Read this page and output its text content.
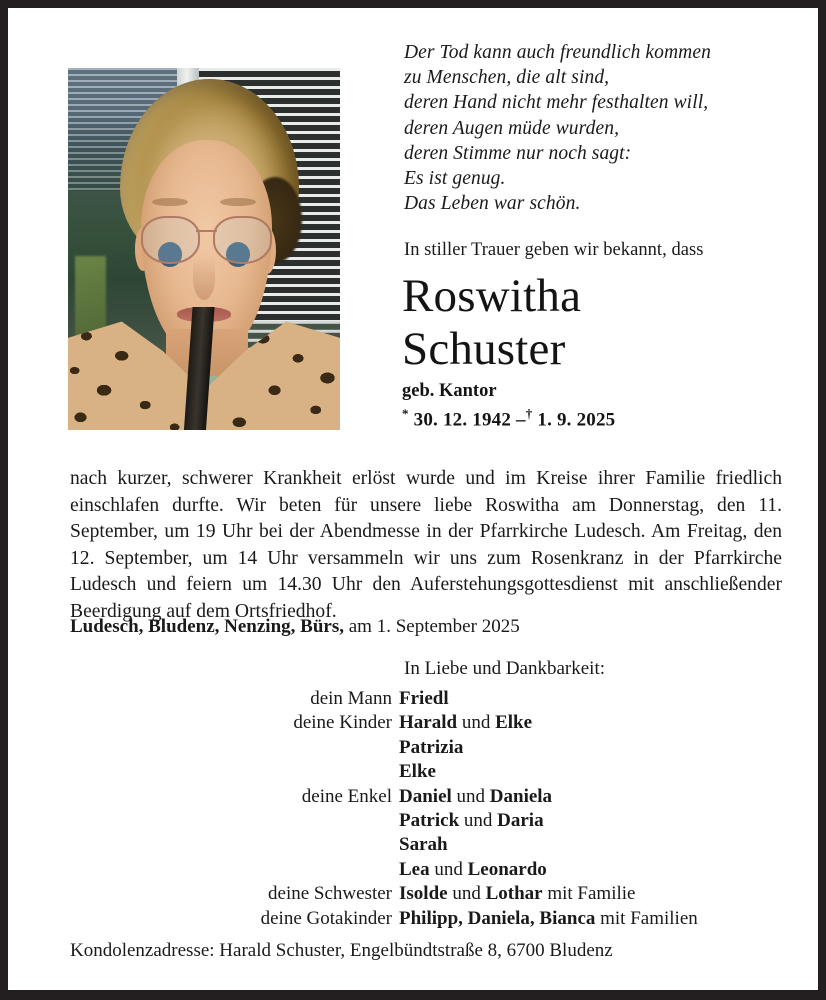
Der Tod kann auch freundlich kommen
zu Menschen, die alt sind,
deren Hand nicht mehr festhalten will,
deren Augen müde wurden,
deren Stimme nur noch sagt:
Es ist genug.
Das Leben war schön.
In stiller Trauer geben wir bekannt, dass
Roswitha
Schuster
geb. Kantor
* 30. 12. 1942 –† 1. 9. 2025
nach kurzer, schwerer Krankheit erlöst wurde und im Kreise ihrer Familie friedlich einschlafen durfte. Wir beten für unsere liebe Roswitha am Donnerstag, den 11. September, um 19 Uhr bei der Abendmesse in der Pfarrkirche Ludesch. Am Freitag, den 12. September, um 14 Uhr versammeln wir uns zum Rosenkranz in der Pfarrkirche Ludesch und feiern um 14.30 Uhr den Auferstehungsgottesdienst mit anschließender Beerdigung auf dem Ortsfriedhof.
Ludesch, Bludenz, Nenzing, Bürs, am 1. September 2025
In Liebe und Dankbarkeit:
dein Mann Friedl
deine Kinder Harald und Elke
Patrizia
Elke
deine Enkel Daniel und Daniela
Patrick und Daria
Sarah
Lea und Leonardo
deine Schwester Isolde und Lothar mit Familie
deine Gotakinder Philipp, Daniela, Bianca mit Familien
Kondolenzadresse: Harald Schuster, Engelbündtstraße 8, 6700 Bludenz
